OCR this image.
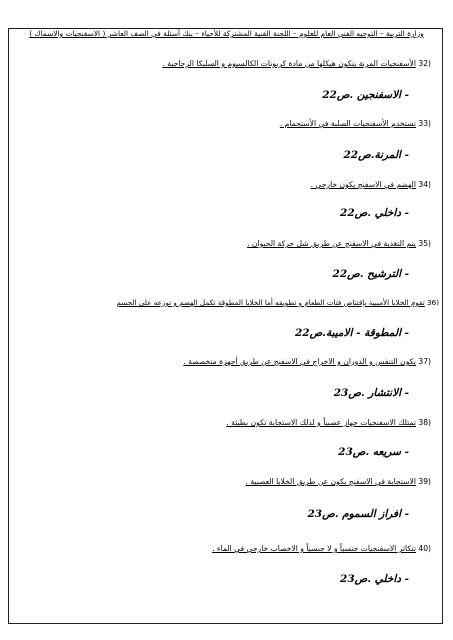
وزارة التربية – التوجيه الفني العام للعلوم – اللجنة الفنية المشتركة للأحياء – بنك أسئلة في الصف العاشر ( الاسفنجيات والاسماك )
32) الأسفنجيات المرنة يتكون هيكلها من مادة كربونات الكالسيوم و السليكا الزجاجية .
- الاسفنجين .ص22
33) تستخدم الأسفنجيات الصلبة في الأستحمام .
- المرنة.ص22
34) الهضم في الاسفنج يكون خارجي .
- داخلي .ص22
35) يتم التغذية في الاسفنج عن طريق شل حركة الحيوان .
- الترشيح .ص22
36) تقوم الخلايا الأميبية بإقتناص فتات الطعام و تطويقه أما الخلايا المطوقة تكمل الهضم و توزعه على الجسم
- المطوقة - الاميبة.ص22
37) يكون التنفس و الدوران و الاخراج في الاسفنج عن طريق أجهزة متخصصة .
- الانتشار .ص23
38) تمتلك الاسفنجيات جهاز عصبياً و لذلك الاستجابة تكون بطيئة .
- سريعه .ص23
39) الاستجابة في الاسفنج يكون عن طريق الخلايا العصبية .
- افراز السموم .ص23
40) تتكاثر الاسفنجيات جنسياً و لا جنسياً و الاخصاب خارجي في الماء .
- داخلي .ص23
